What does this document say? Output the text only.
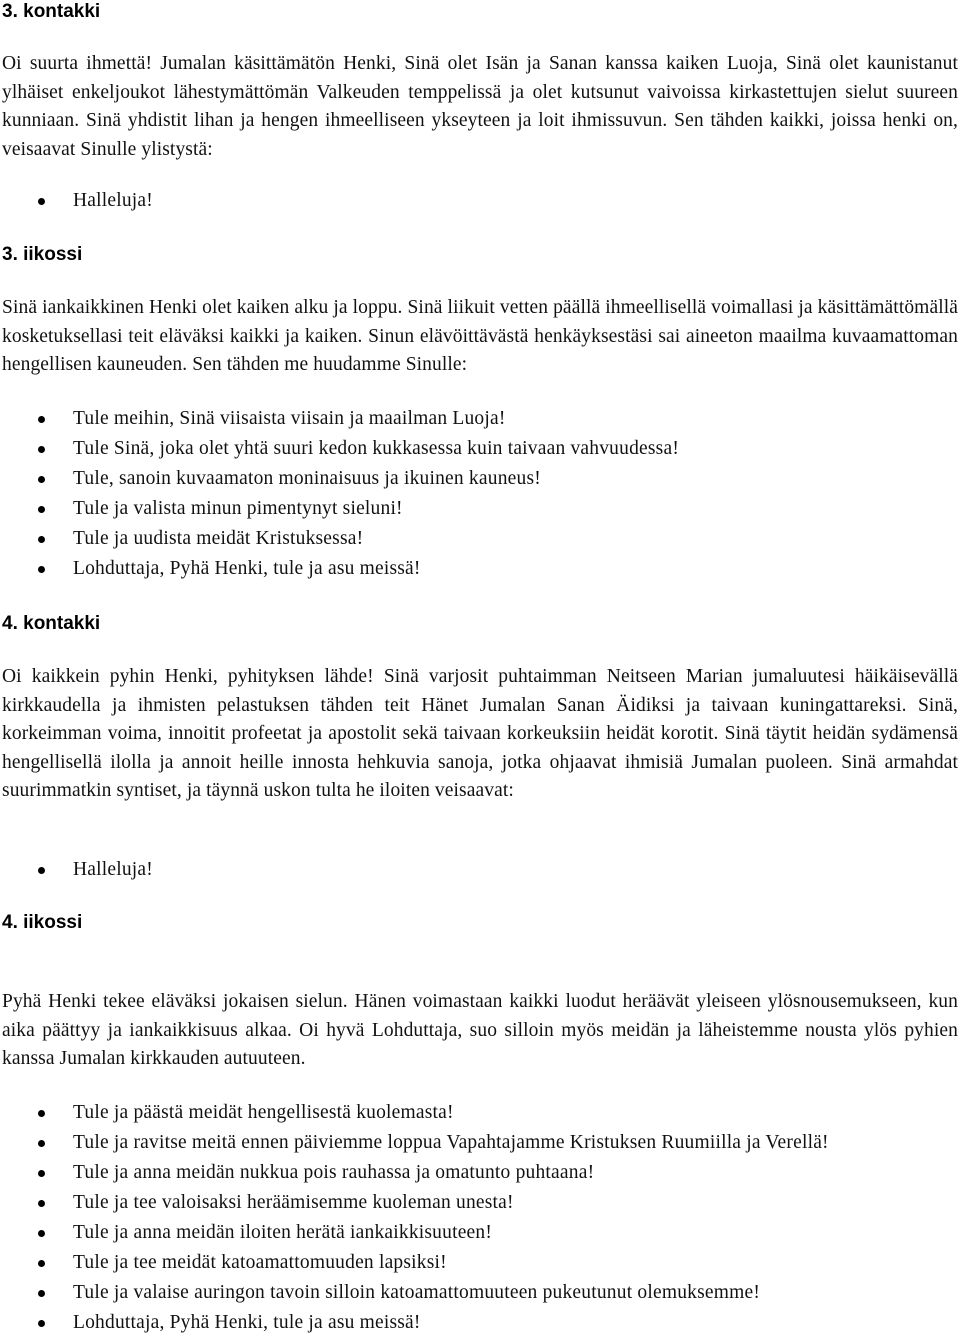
3. kontakki

Oi suurta ihmettä! Jumalan käsittämätön Henki, Sinä olet Isän ja Sanan kanssa kaiken Luoja, Sinä olet kaunistanut ylhäiset enkeljoukot lähestymättömän Valkeuden temppelissä ja olet kutsunut vaivoissa kirkastettujen sielut suureen kunniaan. Sinä yhdistit lihan ja hengen ihmeelliseen ykseyteen ja loit ihmissuvun. Sen tähden kaikki, joissa henki on, veisaavat Sinulle ylistystä:

Halleluja!
3. iikossi

Sinä iankaikkinen Henki olet kaiken alku ja loppu. Sinä liikuit vetten päällä ihmeellisellä voimallasi ja käsittämättömällä kosketuksellasi teit eläväksi kaikki ja kaiken. Sinun elävöittävästä henkäyksestäsi sai aineeton maailma kuvaamattoman hengellisen kauneuden. Sen tähden me huudamme Sinulle:

Tule meihin, Sinä viisaista viisain ja maailman Luoja!
Tule Sinä, joka olet yhtä suuri kedon kukkasessa kuin taivaan vahvuudessa!
Tule, sanoin kuvaamaton moninaisuus ja ikuinen kauneus!
Tule ja valista minun pimentynyt sieluni!
Tule ja uudista meidät Kristuksessa!
Lohduttaja, Pyhä Henki, tule ja asu meissä!
4. kontakki

Oi kaikkein pyhin Henki, pyhityksen lähde! Sinä varjosit puhtaimman Neitseen Marian jumaluutesi häikäisevällä kirkkaudella ja ihmisten pelastuksen tähden teit Hänet Jumalan Sanan Äidiksi ja taivaan kuningattareksi. Sinä, korkeimman voima, innoitit profeetat ja apostolit sekä taivaan korkeuksiin heidät korotit. Sinä täytit heidän sydämensä hengellisellä ilolla ja annoit heille innosta hehkuvia sanoja, jotka ohjaavat ihmisiä Jumalan puoleen. Sinä armahdat suurimmatkin syntiset, ja täynnä uskon tulta he iloiten veisaavat:

Halleluja!
4. iikossi

Pyhä Henki tekee eläväksi jokaisen sielun. Hänen voimastaan kaikki luodut heräävät yleiseen ylösnousemukseen, kun aika päättyy ja iankaikkisuus alkaa. Oi hyvä Lohduttaja, suo silloin myös meidän ja läheistemme nousta ylös pyhien kanssa Jumalan kirkkauden autuuteen.

Tule ja päästä meidät hengellisestä kuolemasta!
Tule ja ravitse meitä ennen päiviemme loppua Vapahtajamme Kristuksen Ruumiilla ja Verellä!
Tule ja anna meidän nukkua pois rauhassa ja omatunto puhtaana!
Tule ja tee valoisaksi heräämisemme kuoleman unesta!
Tule ja anna meidän iloiten herätä iankaikkisuuteen!
Tule ja tee meidät katoamattomuuden lapsiksi!
Tule ja valaise auringon tavoin silloin katoamattomuuteen pukeutunut olemuksemme!
Lohduttaja, Pyhä Henki, tule ja asu meissä!
